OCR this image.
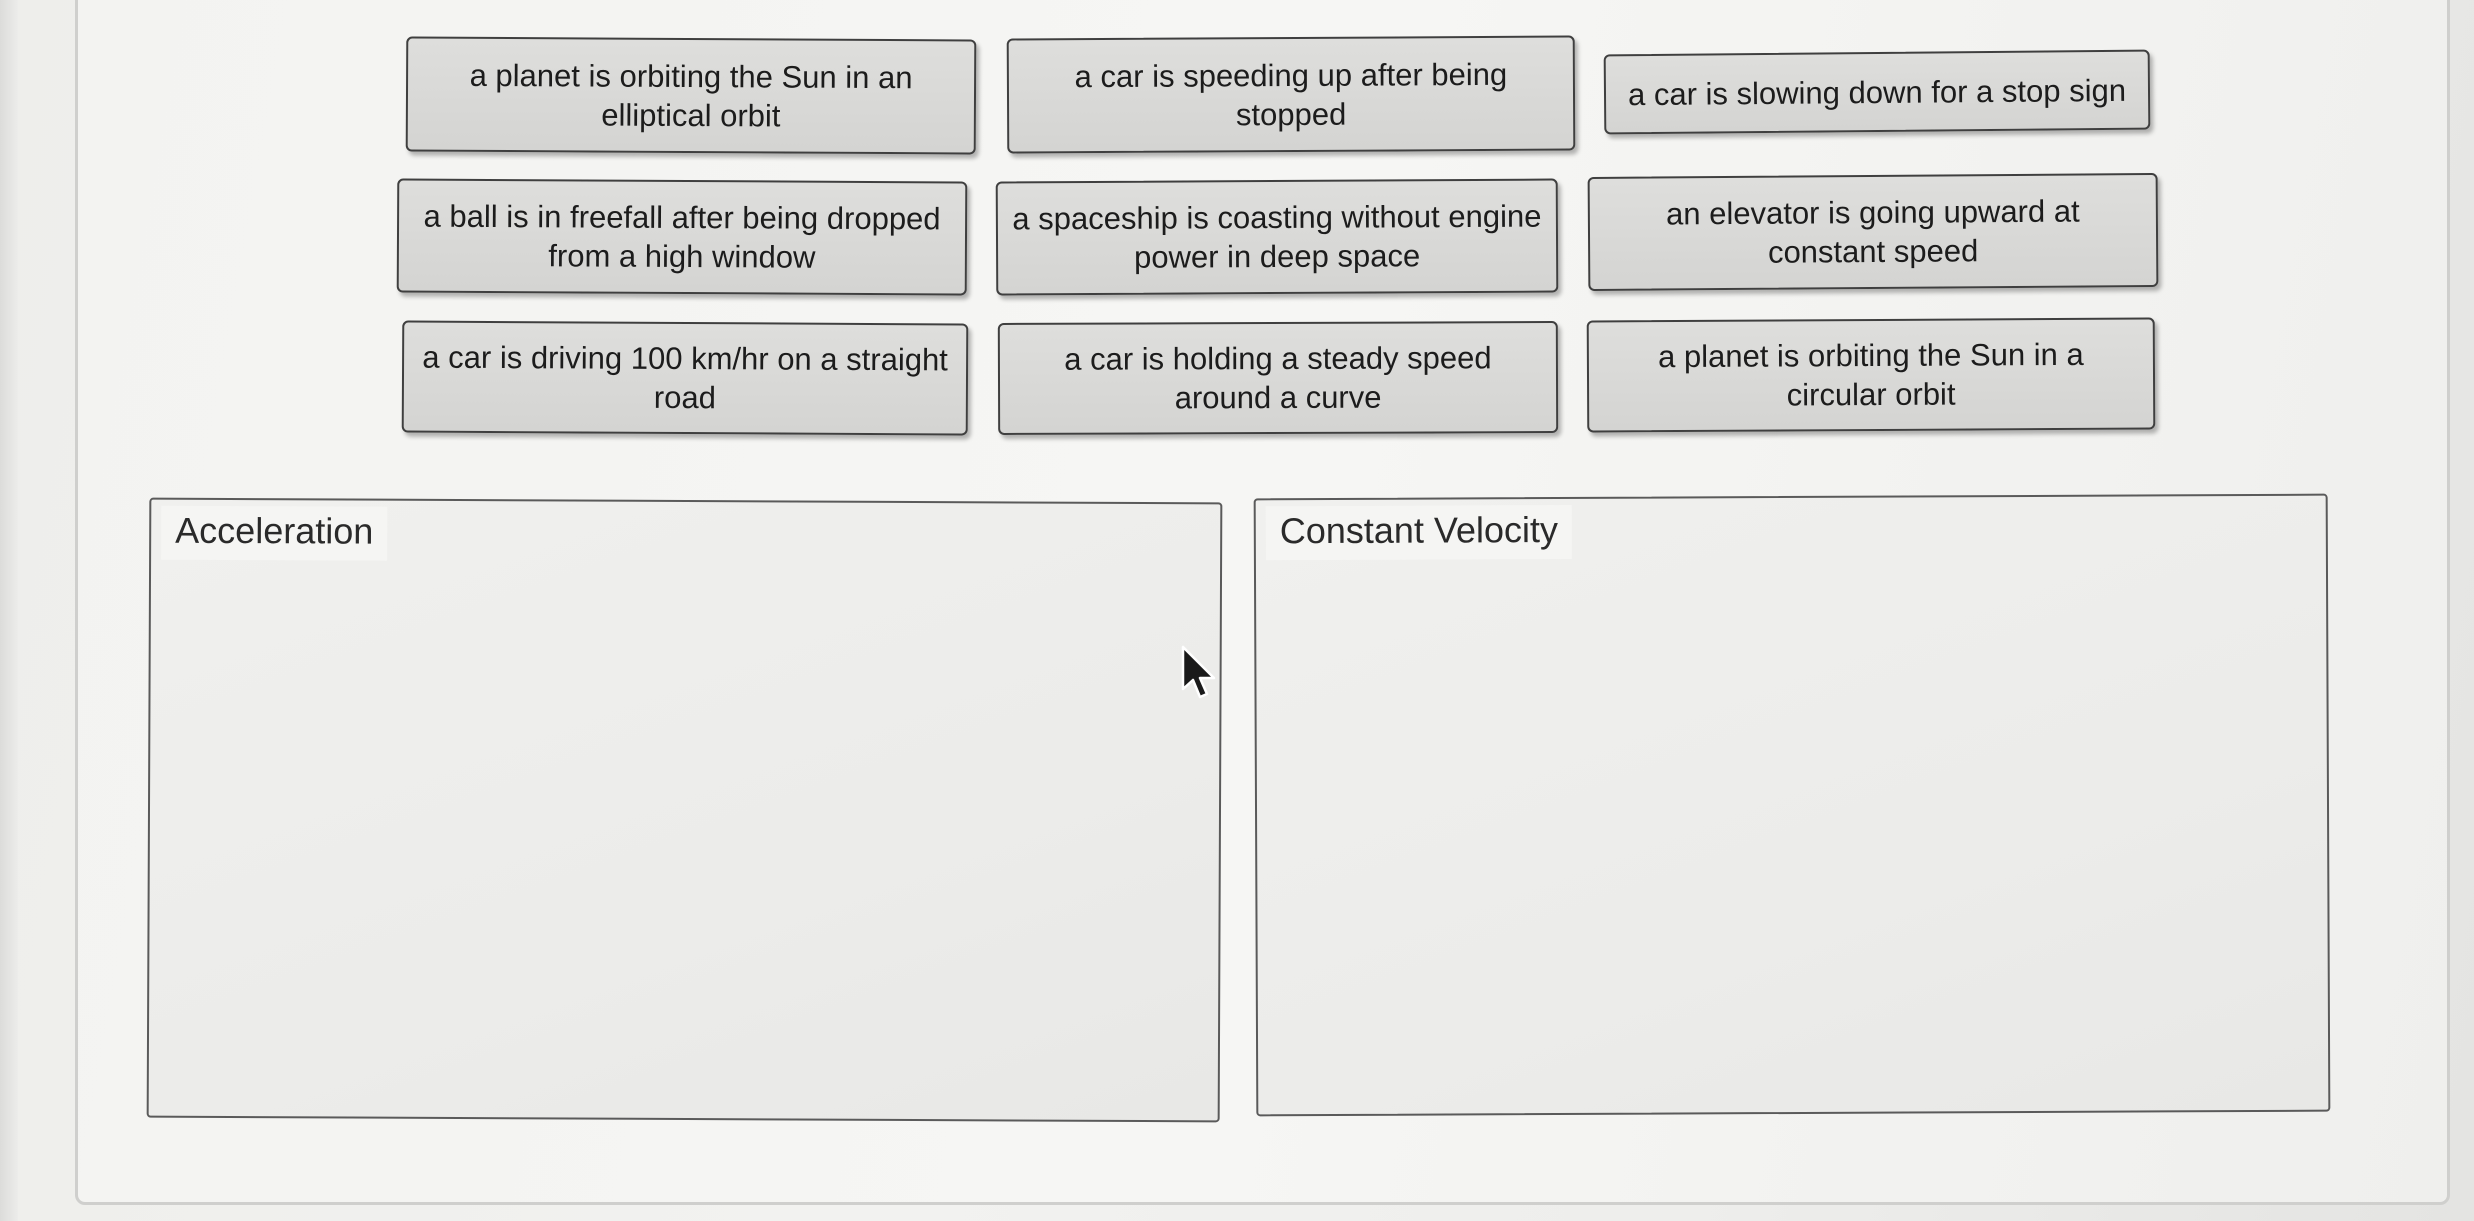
a planet is orbiting the Sun in an elliptical orbit
a car is speeding up after being stopped
a car is slowing down for a stop sign
a ball is in freefall after being dropped from a high window
a spaceship is coasting without engine power in deep space
an elevator is going upward at constant speed
a car is driving 100 km/hr on a straight road
a car is holding a steady speed around a curve
a planet is orbiting the Sun in a circular orbit
Acceleration	Constant Velocity
